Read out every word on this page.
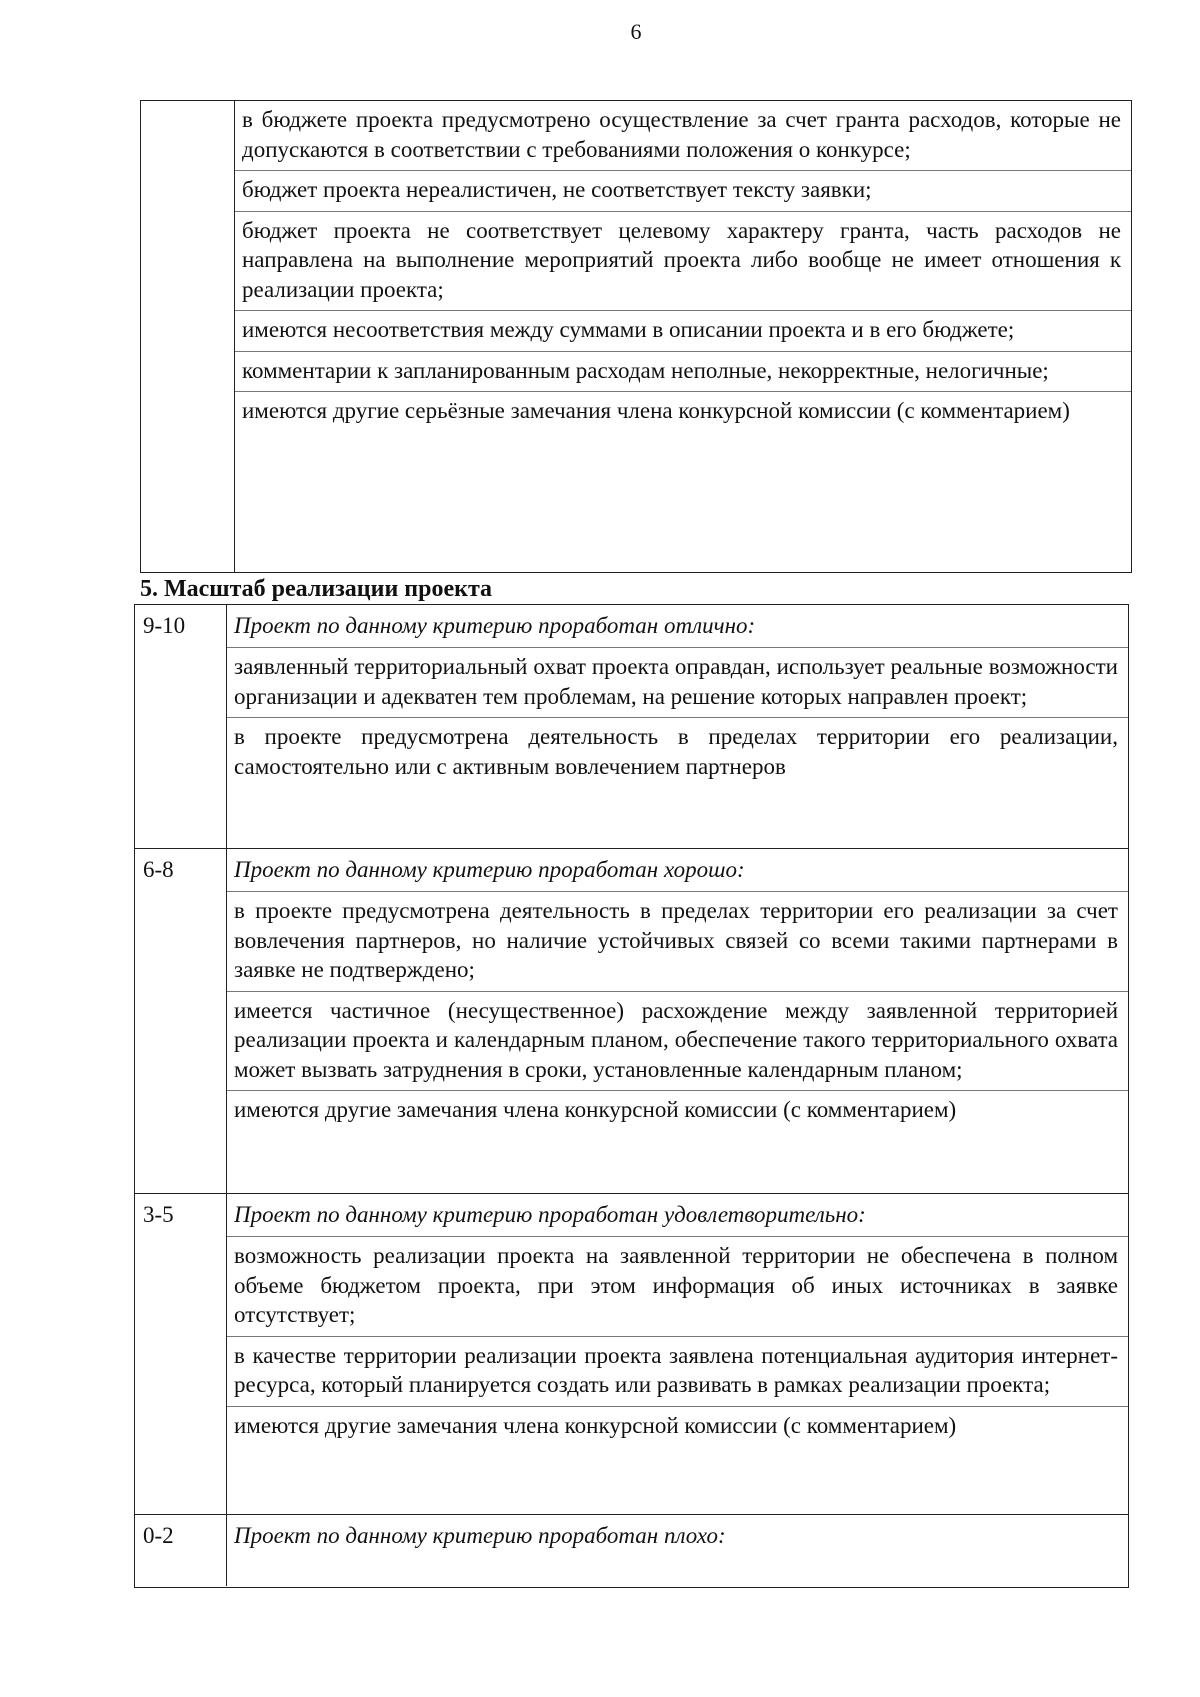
6
в бюджете проекта предусмотрено осуществление за счет гранта расходов, которые не допускаются в соответствии с требованиями положения о конкурсе;
бюджет проекта нереалистичен, не соответствует тексту заявки;
бюджет проекта не соответствует целевому характеру гранта, часть расходов не направлена на выполнение мероприятий проекта либо вообще не имеет отношения к реализации проекта;
имеются несоответствия между суммами в описании проекта и в его бюджете;
комментарии к запланированным расходам неполные, некорректные, нелогичные;
имеются другие серьёзные замечания члена конкурсной комиссии (с комментарием)
5. Масштаб реализации проекта
9-10	Проект по данному критерию проработан отлично:
заявленный территориальный охват проекта оправдан, использует реальные возможности организации и адекватен тем проблемам, на решение которых направлен проект;
в проекте предусмотрена деятельность в пределах территории его реализации, самостоятельно или с активным вовлечением партнеров
6-8	Проект по данному критерию проработан хорошо:
в проекте предусмотрена деятельность в пределах территории его реализации за счет вовлечения партнеров, но наличие устойчивых связей со всеми такими партнерами в заявке не подтверждено;
имеется частичное (несущественное) расхождение между заявленной территорией реализации проекта и календарным планом, обеспечение такого территориального охвата может вызвать затруднения в сроки, установленные календарным планом;
имеются другие замечания члена конкурсной комиссии (с комментарием)
3-5	Проект по данному критерию проработан удовлетворительно:
возможность реализации проекта на заявленной территории не обеспечена в полном объеме бюджетом проекта, при этом информация об иных источниках в заявке отсутствует;
в качестве территории реализации проекта заявлена потенциальная аудитория интернет-ресурса, который планируется создать или развивать в рамках реализации проекта;
имеются другие замечания члена конкурсной комиссии (с комментарием)
0-2	Проект по данному критерию проработан плохо:
